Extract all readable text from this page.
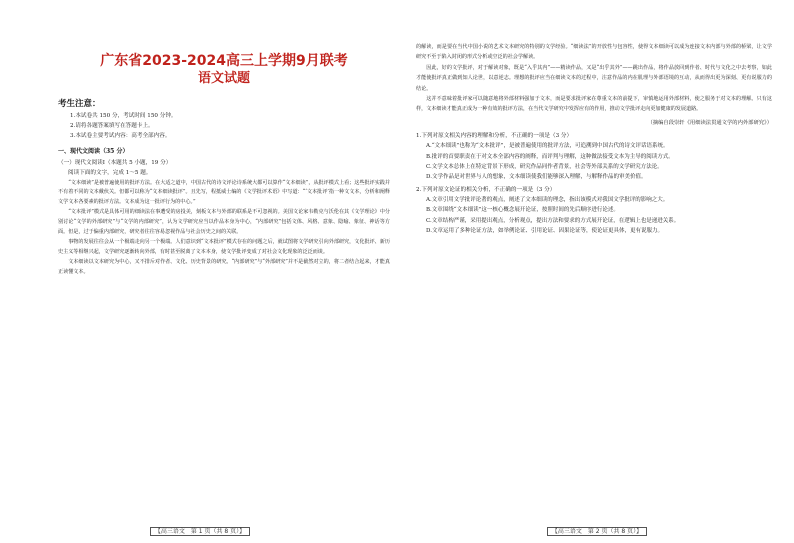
广东省2023-2024高三上学期9月联考
语文试题
考生注意：
1.本试卷共 150 分，考试时间 150 分钟。
2.请将各题答案填写在答题卡上。
3.本试卷主要考试内容：高考全部内容。
一、现代文阅读（35 分）
（一）现代文阅读Ⅰ（本题共 5 小题，19 分）
阅读下面的文字，完成 1～5 题。

“文本细读”是被普遍使用的批评方法。在大适之道中，中国古代的诗文评论诗系统大都可以算作“文本细读”，从批评模式上看；这些批评实践并不有着不同的文本戴伙关。但都可以称为“文本细读批评”。且先写，程抵威士编的《文学批评术语》中写道：“‘文本批评’指一种文文本，分析和阐释文学文本各要素的批评方法。文本成为这一批评行为的中心。”

“文本批评”模式是具体可用的细读法在事遭受的房投美，刻板文本与外部的联系是不可忽视的。美国文论家韦勒克与沃伦在其《文学理论》中分别讨论“文学的外部研究”与“文学的内部研究”，认为文学研究应当以作品本身为中心，“内部研究”包括文体、风格、意象、隐喻、象征、神话等方面。但是，过于偏重内部研究，研究者往往容易忽视作品与社会历史之间的关联。

事物的发展往往会从一个极端走向另一个极端。人们意识到“文本批评”模式存在的问题之后，就试图将文学研究引向外部研究，文化批评、新历史主义等相继兴起，文学研究逐渐转向外部，有时甚至脱离了文本本身，使文学批评变成了对社会文化现象的泛泛而谈。

文本细读以文本研究为中心，又不排斥对作者、文化、历史背景的研究。“内部研究”与“外部研究”并不是截然对立的，将二者结合起来，才能真正读懂文本。

【高三语文　第 1 页（共 8 页）】

的解读，而是要在当代中国小说的艺术文本研究的特别的文学经验。“细读法”的开放性与包容性，使得文本细读可以成为连接文本内部与外部的桥梁，让文学研究不至于陷入封闭的形式分析或空泛的社会学解读。

因此，好的文学批评，对于解读对象，既是“入乎其内”——精读作品，又是“出乎其外”——跳出作品，将作品放回到作者、时代与文化之中去考察，如此才能使批评真正做到知人论世，以意逆志。理想的批评应当在细读文本的过程中，注意作品的内在肌理与外部语境的互动，从而得出更为深刻、更有说服力的结论。

这并不意味着批评家可以随意地将外部材料强加于文本，而是要求批评家在尊重文本的前提下，审慎地运用外部材料，使之服务于对文本的理解。只有这样，文本细读才能真正成为一种有效的批评方法，在当代文学研究中发挥应有的作用，推动文学批评走向更加健康的发展道路。

（摘编自段崇轩《用细读法贯通文学的内外部研究》）
1.下列对原文相关内容的理解和分析，不正确的一项是（3 分）
A.“文本细读”也称为“文本批评”，是被普遍使用的批评方法，可追溯到中国古代的诗文评话语系统。
B.批评的首要职责在于对文本全部内容的阐释，而评判与理解，这种做法接受文本为主导的阅读方式。
C.文学文本总体上在特定背景下形成，研究作品同作者背景，社会等外部关系的文学研究方法论。
D.文学作品是对世界与人的想象，文本细读使我们能够深入理解，与解释作品的审美价值。
2.下列对原文论证的相关分析，不正确的一项是（3 分）
A.文章引用文学批评论著的观点，阐述了文本细读的理念，指出该模式对我国文学批评的影响之大。
B.文章围绕“文本细读”这一核心概念展开论证，按照时间的先后顺序进行论述。
C.文章结构严谨，采用提出观点，分析观点，提出方法和要求的方式展开论证，在逻辑上也是递进关系。
D.文章运用了多种论证方法，如举例论证、引用论证、因果论证等，使论证更具体，更有说服力。
【高三语文　第 2 页（共 8 页）】
